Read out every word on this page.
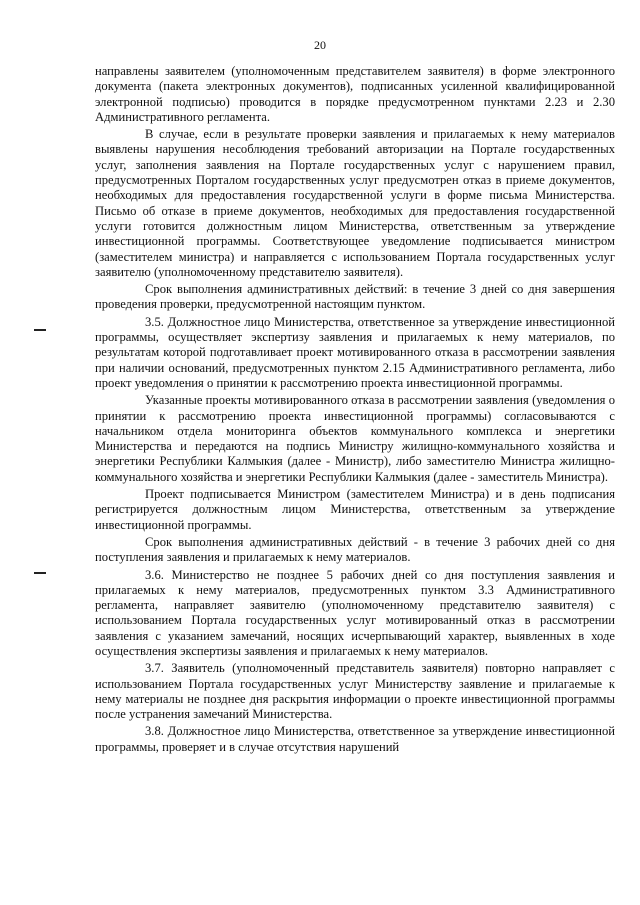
20

направлены заявителем (уполномоченным представителем заявителя) в форме электронного документа (пакета электронных документов), подписанных усиленной квалифицированной электронной подписью) проводится в порядке предусмотренном пунктами 2.23 и 2.30 Административного регламента.

В случае, если в результате проверки заявления и прилагаемых к нему материалов выявлены нарушения несоблюдения требований авторизации на Портале государственных услуг, заполнения заявления на Портале государственных услуг с нарушением правил, предусмотренных Порталом государственных услуг предусмотрен отказ в приеме документов, необходимых для предоставления государственной услуги в форме письма Министерства. Письмо об отказе в приеме документов, необходимых для предоставления государственной услуги готовится должностным лицом Министерства, ответственным за утверждение инвестиционной программы. Соответствующее уведомление подписывается министром (заместителем министра) и направляется с использованием Портала государственных услуг заявителю (уполномоченному представителю заявителя).

Срок выполнения административных действий: в течение 3 дней со дня завершения проведения проверки, предусмотренной настоящим пунктом.

3.5. Должностное лицо Министерства, ответственное за утверждение инвестиционной программы, осуществляет экспертизу заявления и прилагаемых к нему материалов, по результатам которой подготавливает проект мотивированного отказа в рассмотрении заявления при наличии оснований, предусмотренных пунктом 2.15 Административного регламента, либо проект уведомления о принятии к рассмотрению проекта инвестиционной программы.

Указанные проекты мотивированного отказа в рассмотрении заявления (уведомления о принятии к рассмотрению проекта инвестиционной программы) согласовываются с начальником отдела мониторинга объектов коммунального комплекса и энергетики Министерства и передаются на подпись Министру жилищно-коммунального хозяйства и энергетики Республики Калмыкия (далее - Министр), либо заместителю Министра жилищно-коммунального хозяйства и энергетики Республики Калмыкия (далее - заместитель Министра).

Проект подписывается Министром (заместителем Министра) и в день подписания регистрируется должностным лицом Министерства, ответственным за утверждение инвестиционной программы.

Срок выполнения административных действий - в течение 3 рабочих дней со дня поступления заявления и прилагаемых к нему материалов.

3.6. Министерство не позднее 5 рабочих дней со дня поступления заявления и прилагаемых к нему материалов, предусмотренных пунктом 3.3 Административного регламента, направляет заявителю (уполномоченному представителю заявителя) с использованием Портала государственных услуг мотивированный отказ в рассмотрении заявления с указанием замечаний, носящих исчерпывающий характер, выявленных в ходе осуществления экспертизы заявления и прилагаемых к нему материалов.

3.7. Заявитель (уполномоченный представитель заявителя) повторно направляет с использованием Портала государственных услуг Министерству заявление и прилагаемые к нему материалы не позднее дня раскрытия информации о проекте инвестиционной программы после устранения замечаний Министерства.

3.8. Должностное лицо Министерства, ответственное за утверждение инвестиционной программы, проверяет и в случае отсутствия нарушений
